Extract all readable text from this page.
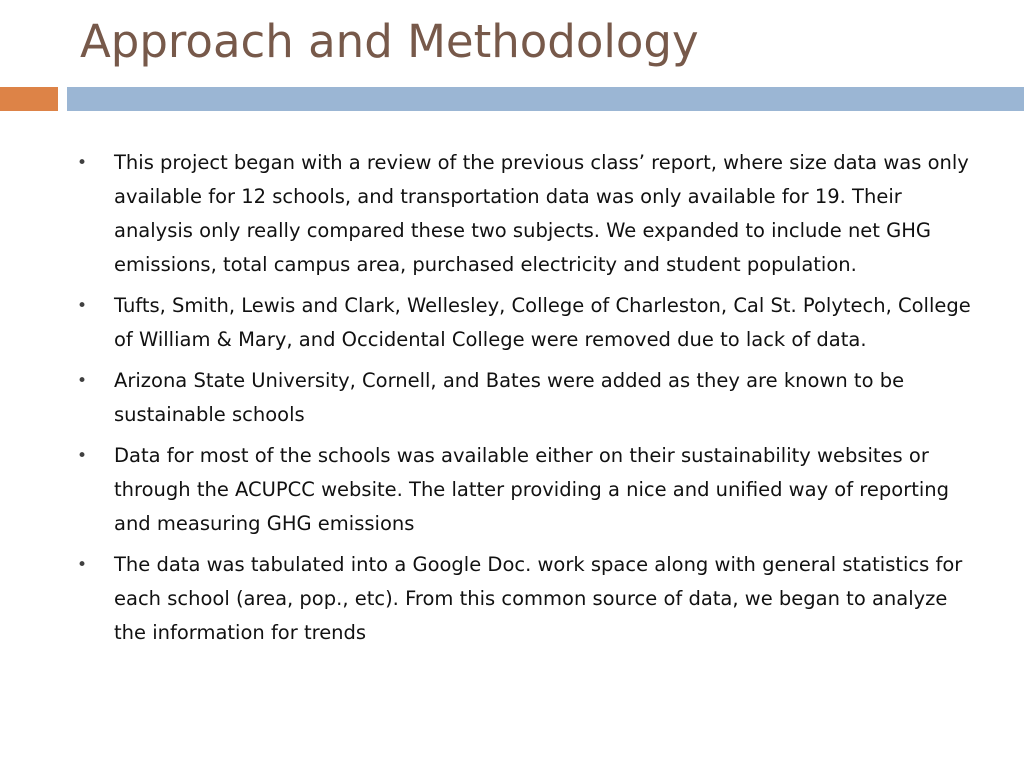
Approach and Methodology
•	This project began with a review of the previous class’ report, where size data was only available for 12 schools, and transportation data was only available for 19. Their analysis only really compared these two subjects. We expanded to include net GHG emissions, total campus area, purchased electricity and student population.
•	Tufts, Smith, Lewis and Clark, Wellesley, College of Charleston, Cal St. Polytech, College of William & Mary, and Occidental College were removed due to lack of data.
•	Arizona State University, Cornell, and Bates were added as they are known to be sustainable schools
•	Data for most of the schools was available either on their sustainability websites or through the ACUPCC website. The latter providing a nice and unified way of reporting and measuring GHG emissions
•	The data was tabulated into a Google Doc. work space along with general statistics for each school (area, pop., etc). From this common source of data, we began to analyze the information for trends
